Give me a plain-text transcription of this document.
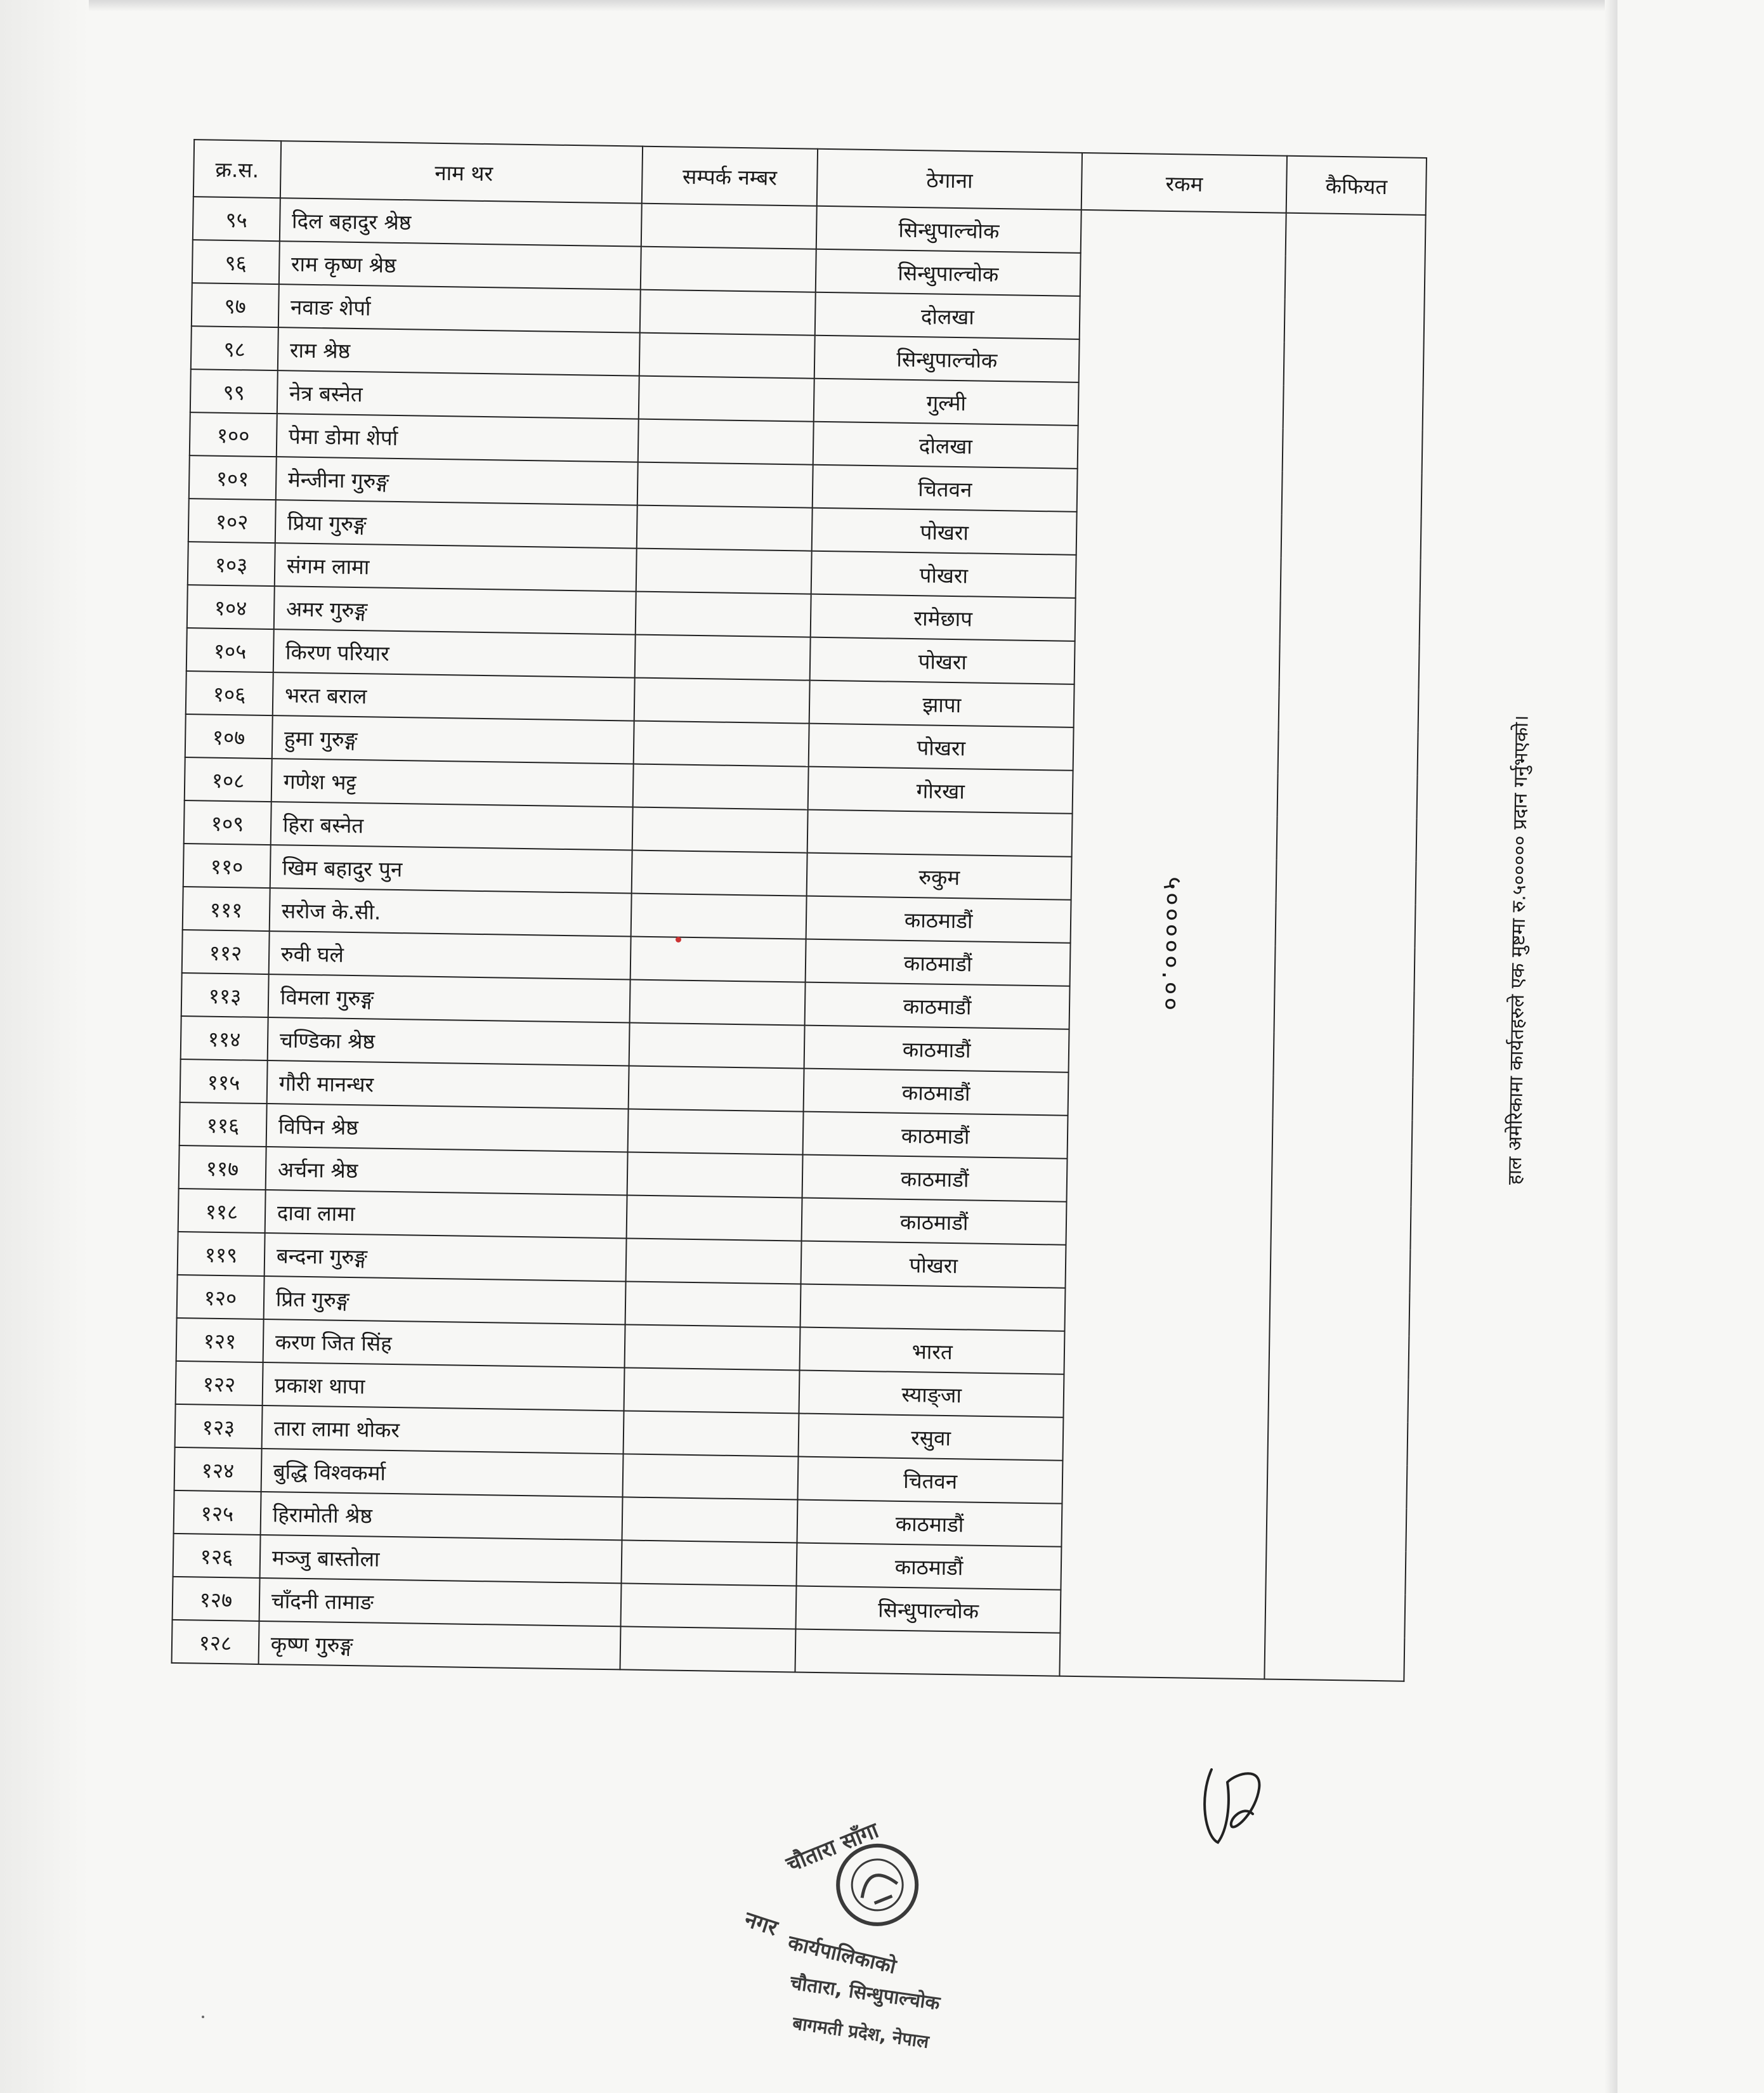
क्र.स.	नाम थर	सम्पर्क नम्बर	ठेगाना	रकम	कैफियत
९५	दिल बहादुर श्रेष्ठ		सिन्धुपाल्चोक	५०००००.००	हाल अमेरिकामा कार्यतहरुले एक मुष्टमा रु.५००००० प्रदान गर्नुभएको।
९६	राम कृष्ण श्रेष्ठ		सिन्धुपाल्चोक		
९७	नवाङ शेर्पा		दोलखा		
९८	राम श्रेष्ठ		सिन्धुपाल्चोक		
९९	नेत्र बस्नेत		गुल्मी		
१००	पेमा डोमा शेर्पा		दोलखा		
१०१	मेन्जीना गुरुङ्ग		चितवन		
१०२	प्रिया गुरुङ्ग		पोखरा		
१०३	संगम लामा		पोखरा		
१०४	अमर गुरुङ्ग		रामेछाप		
१०५	किरण परियार		पोखरा		
१०६	भरत बराल		झापा		
१०७	हुमा गुरुङ्ग		पोखरा		
१०८	गणेश भट्ट		गोरखा		
१०९	हिरा बस्नेत				
११०	खिम बहादुर पुन		रुकुम		
१११	सरोज के.सी.		काठमाडौं		
११२	रुवी घले		काठमाडौं		
११३	विमला गुरुङ्ग		काठमाडौं		
११४	चण्डिका श्रेष्ठ		काठमाडौं		
११५	गौरी मानन्धर		काठमाडौं		
११६	विपिन श्रेष्ठ		काठमाडौं		
११७	अर्चना श्रेष्ठ		काठमाडौं		
११८	दावा लामा		काठमाडौं		
११९	बन्दना गुरुङ्ग		पोखरा		
१२०	प्रित गुरुङ्ग				
१२१	करण जित सिंह		भारत		
१२२	प्रकाश थापा		स्याङ्जा		
१२३	तारा लामा थोकर		रसुवा		
१२४	बुद्धि विश्वकर्मा		चितवन		
१२५	हिरामोती श्रेष्ठ		काठमाडौं		
१२६	मञ्जु बास्तोला		काठमाडौं		
१२७	चाँदनी तामाङ		सिन्धुपाल्चोक		
१२८	कृष्ण गुरुङ्ग				
नगर
चौतारा साँगा
कार्यपालिकाको
चौतारा, सिन्धुपाल्चोक
बागमती प्रदेश, नेपाल
